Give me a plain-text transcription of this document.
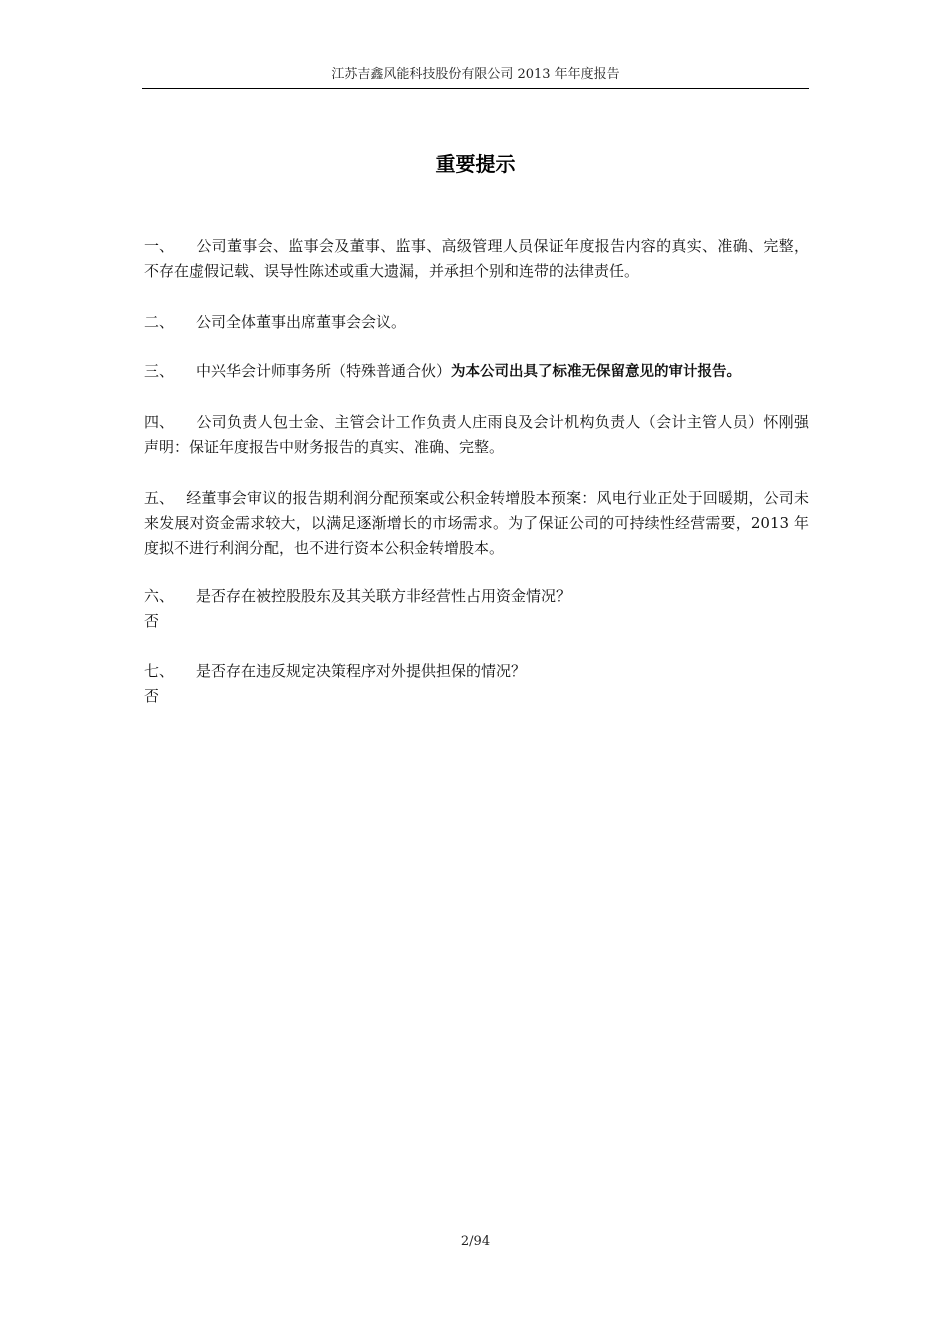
江苏吉鑫风能科技股份有限公司 2013 年年度报告
重要提示

一、 公司董事会、监事会及董事、监事、高级管理人员保证年度报告内容的真实、准确、完整，不存在虚假记载、误导性陈述或重大遗漏，并承担个别和连带的法律责任。

二、 公司全体董事出席董事会会议。

三、 中兴华会计师事务所（特殊普通合伙）为本公司出具了标准无保留意见的审计报告。

四、 公司负责人包士金、主管会计工作负责人庄雨良及会计机构负责人（会计主管人员）怀刚强声明：保证年度报告中财务报告的真实、准确、完整。

五、 经董事会审议的报告期利润分配预案或公积金转增股本预案：风电行业正处于回暖期，公司未来发展对资金需求较大，以满足逐渐增长的市场需求。为了保证公司的可持续性经营需要，2013 年度拟不进行利润分配，也不进行资本公积金转增股本。

六、 是否存在被控股股东及其关联方非经营性占用资金情况？
否

七、 是否存在违反规定决策程序对外提供担保的情况？
否

2/94
